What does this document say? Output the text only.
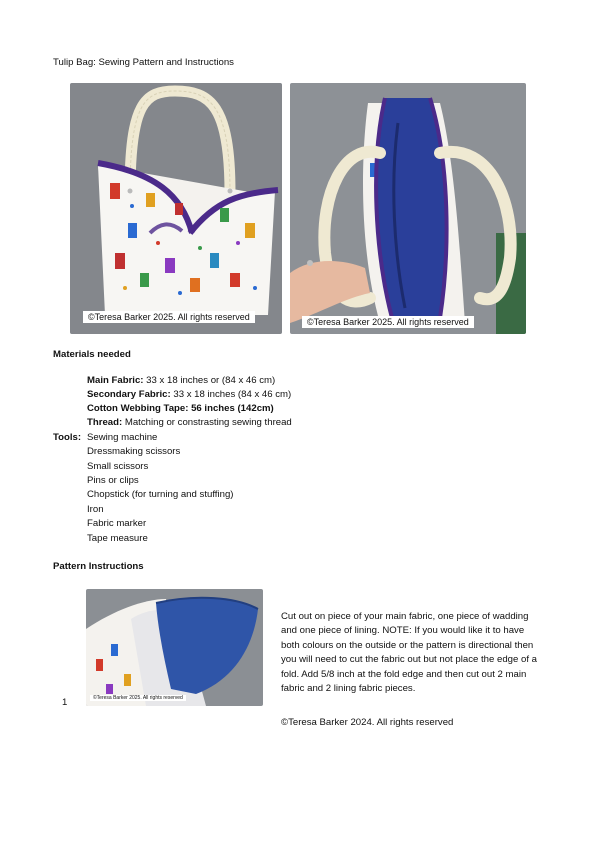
Tulip Bag: Sewing Pattern and Instructions
©Teresa Barker 2025. All rights reserved	©Teresa Barker 2025. All rights reserved
Materials needed
Main Fabric: 33 x 18 inches or (84 x 46 cm)
Secondary Fabric: 33 x 18 inches (84 x 46 cm)
Cotton Webbing Tape: 56 inches (142cm)
Thread: Matching or constrasting sewing thread
Tools: Sewing machine
Dressmaking scissors
Small scissors
Pins or clips
Chopstick (for turning and stuffing)
Iron
Fabric marker
Tape measure
Pattern Instructions
©Teresa Barker 2025. All rights reserved
1
Cut out on piece of your main fabric, one piece of wadding and one piece of lining. NOTE: If you would like it to have both colours on the outside or the pattern is directional then you will need to cut the fabric out but not place the edge of a fold. Add 5/8 inch at the fold edge and then cut out 2 main fabric and 2 lining fabric pieces.
©Teresa Barker 2024. All rights reserved
